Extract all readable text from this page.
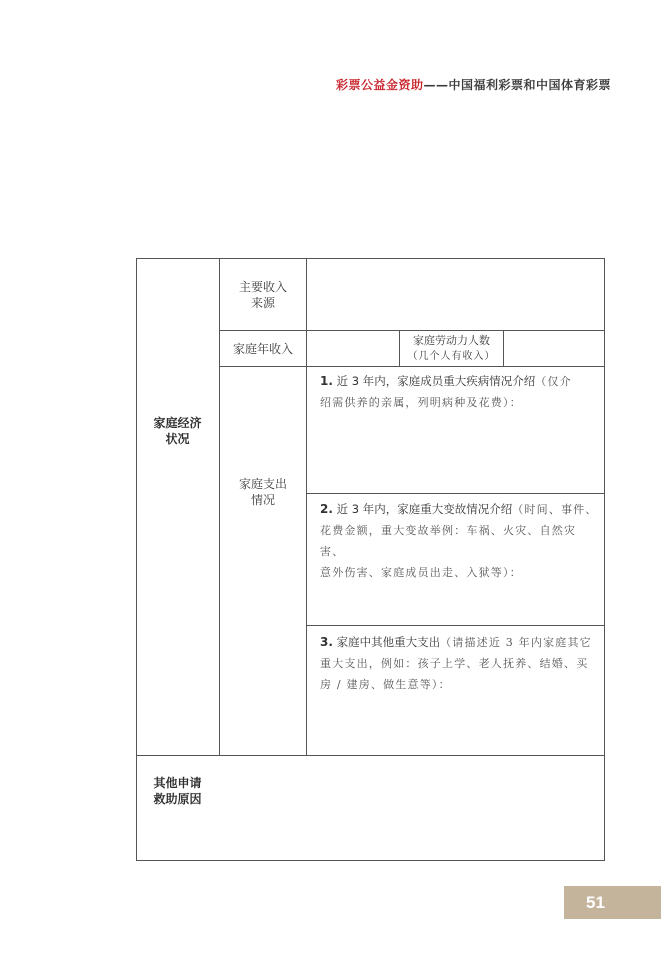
彩票公益金资助——中国福利彩票和中国体育彩票
家庭经济
状况
主要收入
来源
家庭年收入
家庭劳动力人数
（几个人有收入）
家庭支出
情况
1. 近 3 年内，家庭成员重大疾病情况介绍（仅介
绍需供养的亲属，列明病种及花费）：
2. 近 3 年内，家庭重大变故情况介绍（时间、事件、
花费金额，重大变故举例：车祸、火灾、自然灾害、
意外伤害、家庭成员出走、入狱等）：
3. 家庭中其他重大支出（请描述近 3 年内家庭其它
重大支出，例如：孩子上学、老人抚养、结婚、买
房 / 建房、做生意等）：
其他申请
救助原因
51
